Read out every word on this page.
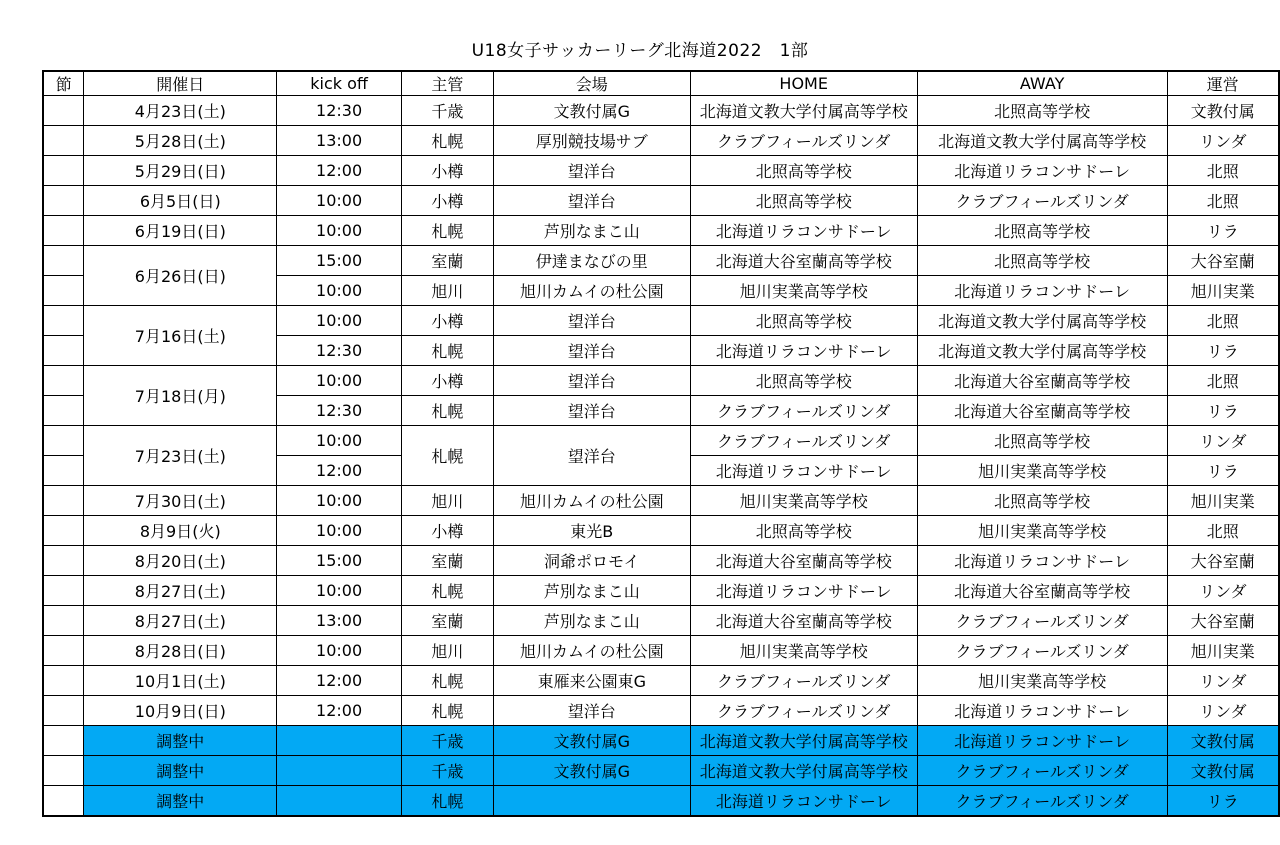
U18女子サッカーリーグ北海道2022　1部
節	開催日	kick off	主管	会場	HOME	AWAY	運営
	4月23日(土)	12:30	千歳	文教付属G	北海道文教大学付属高等学校	北照高等学校	文教付属
	5月28日(土)	13:00	札幌	厚別競技場サブ	クラブフィールズリンダ	北海道文教大学付属高等学校	リンダ
	5月29日(日)	12:00	小樽	望洋台	北照高等学校	北海道リラコンサドーレ	北照
	6月5日(日)	10:00	小樽	望洋台	北照高等学校	クラブフィールズリンダ	北照
	6月19日(日)	10:00	札幌	芦別なまこ山	北海道リラコンサドーレ	北照高等学校	リラ
	6月26日(日)	15:00	室蘭	伊達まなびの里	北海道大谷室蘭高等学校	北照高等学校	大谷室蘭
		10:00	旭川	旭川カムイの杜公園	旭川実業高等学校	北海道リラコンサドーレ	旭川実業
	7月16日(土)	10:00	小樽	望洋台	北照高等学校	北海道文教大学付属高等学校	北照
		12:30	札幌	望洋台	北海道リラコンサドーレ	北海道文教大学付属高等学校	リラ
	7月18日(月)	10:00	小樽	望洋台	北照高等学校	北海道大谷室蘭高等学校	北照
		12:30	札幌	望洋台	クラブフィールズリンダ	北海道大谷室蘭高等学校	リラ
	7月23日(土)	10:00	札幌	望洋台	クラブフィールズリンダ	北照高等学校	リンダ
		12:00			北海道リラコンサドーレ	旭川実業高等学校	リラ
	7月30日(土)	10:00	旭川	旭川カムイの杜公園	旭川実業高等学校	北照高等学校	旭川実業
	8月9日(火)	10:00	小樽	東光B	北照高等学校	旭川実業高等学校	北照
	8月20日(土)	15:00	室蘭	洞爺ポロモイ	北海道大谷室蘭高等学校	北海道リラコンサドーレ	大谷室蘭
	8月27日(土)	10:00	札幌	芦別なまこ山	北海道リラコンサドーレ	北海道大谷室蘭高等学校	リンダ
	8月27日(土)	13:00	室蘭	芦別なまこ山	北海道大谷室蘭高等学校	クラブフィールズリンダ	大谷室蘭
	8月28日(日)	10:00	旭川	旭川カムイの杜公園	旭川実業高等学校	クラブフィールズリンダ	旭川実業
	10月1日(土)	12:00	札幌	東雁来公園東G	クラブフィールズリンダ	旭川実業高等学校	リンダ
	10月9日(日)	12:00	札幌	望洋台	クラブフィールズリンダ	北海道リラコンサドーレ	リンダ
	調整中		千歳	文教付属G	北海道文教大学付属高等学校	北海道リラコンサドーレ	文教付属
	調整中		千歳	文教付属G	北海道文教大学付属高等学校	クラブフィールズリンダ	文教付属
	調整中		札幌		北海道リラコンサドーレ	クラブフィールズリンダ	リラ
